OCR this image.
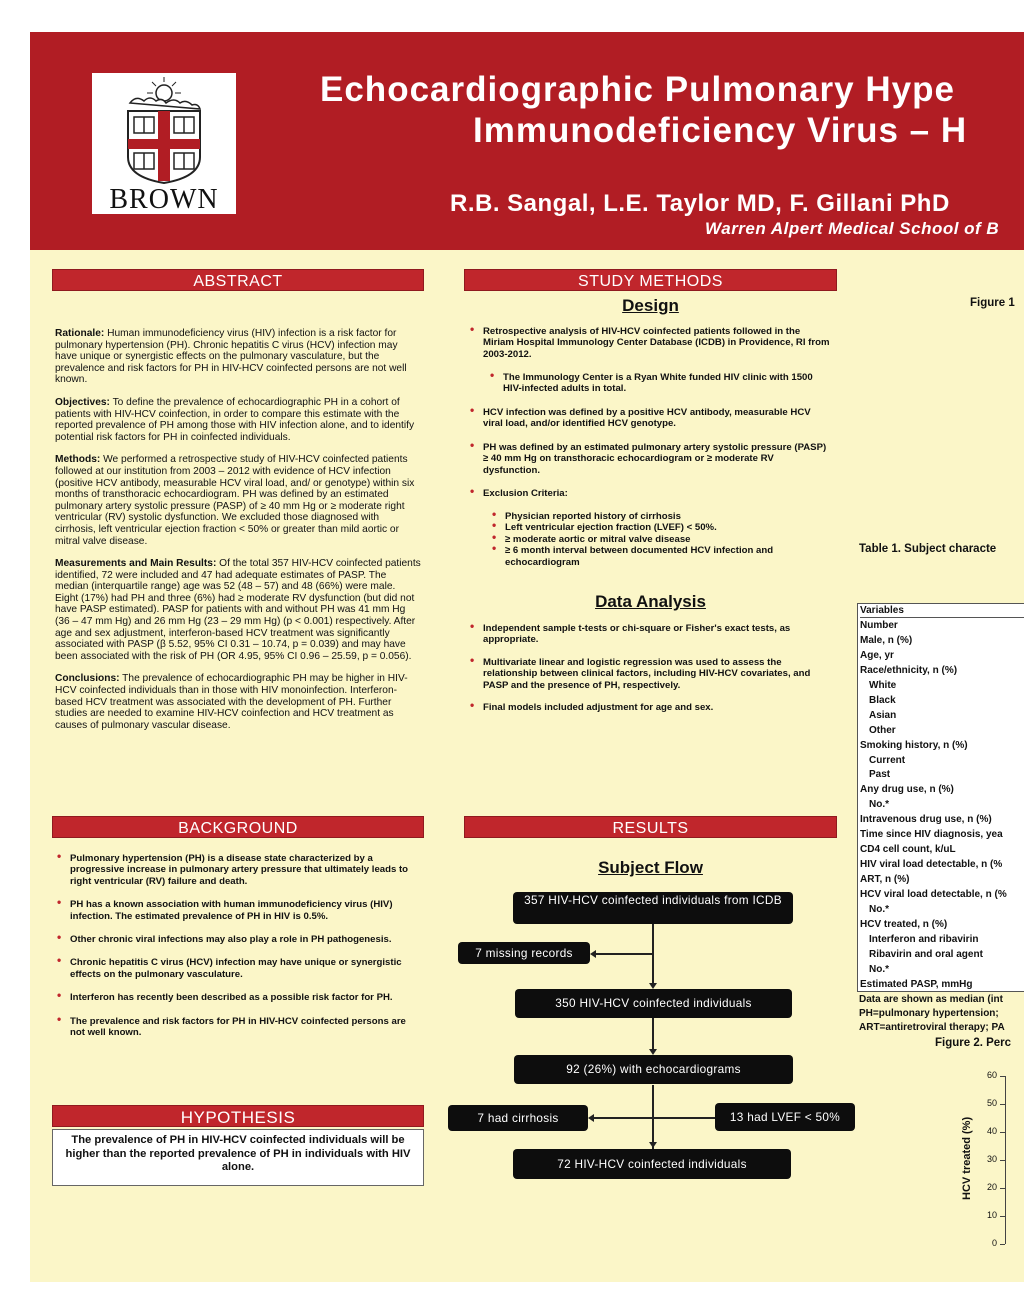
BROWN
Echocardiographic Pulmonary Hype
Immunodeficiency Virus – H
R.B. Sangal, L.E. Taylor MD, F. Gillani PhD
Warren Alpert Medical School of B
ABSTRACT

Rationale: Human immunodeficiency virus (HIV) infection is a risk factor for pulmonary hypertension (PH). Chronic hepatitis C virus (HCV) infection may have unique or synergistic effects on the pulmonary vasculature, but the prevalence and risk factors for PH in HIV-HCV coinfected persons are not well known.

Objectives: To define the prevalence of echocardiographic PH in a cohort of patients with HIV-HCV coinfection, in order to compare this estimate with the reported prevalence of PH among those with HIV infection alone, and to identify potential risk factors for PH in coinfected individuals.

Methods: We performed a retrospective study of HIV-HCV coinfected patients followed at our institution from 2003 – 2012 with evidence of HCV infection (positive HCV antibody, measurable HCV viral load, and/ or genotype) within six months of transthoracic echocardiogram. PH was defined by an estimated pulmonary artery systolic pressure (PASP) of ≥ 40 mm Hg or ≥ moderate right ventricular (RV) systolic dysfunction. We excluded those diagnosed with cirrhosis, left ventricular ejection fraction < 50% or greater than mild aortic or mitral valve disease.

Measurements and Main Results: Of the total 357 HIV-HCV coinfected patients identified, 72 were included and 47 had adequate estimates of PASP. The median (interquartile range) age was 52 (48 – 57) and 48 (66%) were male. Eight (17%) had PH and three (6%) had ≥ moderate RV dysfunction (but did not have PASP estimated). PASP for patients with and without PH was 41 mm Hg (36 – 47 mm Hg) and 26 mm Hg (23 – 29 mm Hg) (p < 0.001) respectively. After age and sex adjustment, interferon-based HCV treatment was significantly associated with PASP (β 5.52, 95% CI 0.31 – 10.74, p = 0.039) and may have been associated with the risk of PH (OR 4.95, 95% CI 0.96 – 25.59, p = 0.056).

Conclusions: The prevalence of echocardiographic PH may be higher in HIV-HCV coinfected individuals than in those with HIV monoinfection. Interferon-based HCV treatment was associated with the development of PH. Further studies are needed to examine HIV-HCV coinfection and HCV treatment as causes of pulmonary vascular disease.

BACKGROUND
• Pulmonary hypertension (PH) is a disease state characterized by a progressive increase in pulmonary artery pressure that ultimately leads to right ventricular (RV) failure and death.
• PH has a known association with human immunodeficiency virus (HIV) infection. The estimated prevalence of PH in HIV is 0.5%.
• Other chronic viral infections may also play a role in PH pathogenesis.
• Chronic hepatitis C virus (HCV) infection may have unique or synergistic effects on the pulmonary vasculature.
• Interferon has recently been described as a possible risk factor for PH.
• The prevalence and risk factors for PH in HIV-HCV coinfected persons are not well known.
HYPOTHESIS
The prevalence of PH in HIV-HCV coinfected individuals will be higher than the reported prevalence of PH in individuals with HIV alone.
STUDY METHODS
Design
• Retrospective analysis of HIV-HCV coinfected patients followed in the Miriam Hospital Immunology Center Database (ICDB) in Providence, RI from 2003-2012.
• The Immunology Center is a Ryan White funded HIV clinic with 1500 HIV-infected adults in total.
• HCV infection was defined by a positive HCV antibody, measurable HCV viral load, and/or identified HCV genotype.
• PH was defined by an estimated pulmonary artery systolic pressure (PASP) ≥ 40 mm Hg on transthoracic echocardiogram or ≥ moderate RV dysfunction.
• Exclusion Criteria:
• Physician reported history of cirrhosis
• Left ventricular ejection fraction (LVEF) < 50%.
• ≥ moderate aortic or mitral valve disease
• ≥ 6 month interval between documented HCV infection and echocardiogram
Data Analysis
• Independent sample t-tests or chi-square or Fisher's exact tests, as appropriate.
• Multivariate linear and logistic regression was used to assess the relationship between clinical factors, including HIV-HCV covariates, and PASP and the presence of PH, respectively.
• Final models included adjustment for age and sex.
RESULTS
Subject Flow
357 HIV-HCV coinfected individuals from ICDB
7 missing records
350 HIV-HCV coinfected individuals
92 (26%) with echocardiograms
7 had cirrhosis	13 had LVEF < 50%
72 HIV-HCV coinfected individuals
Figure 1
Table 1. Subject characte
Variables
Number
Male, n (%)
Age, yr
Race/ethnicity, n (%)
White
Black
Asian
Other
Smoking history, n (%)
Current
Past
Any drug use, n (%)
No.*
Intravenous drug use, n (%)
Time since HIV diagnosis, yea
CD4 cell count, k/uL
HIV viral load detectable, n (%
ART, n (%)
HCV viral load detectable, n (%
No.*
HCV treated, n (%)
Interferon and ribavirin
Ribavirin and oral agent
No.*
Estimated PASP, mmHg
Data are shown as median (int
PH=pulmonary hypertension;
ART=antiretroviral therapy; PA
Figure 2. Perc
60
50
40
30
20
10
0
HCV treated (%)
